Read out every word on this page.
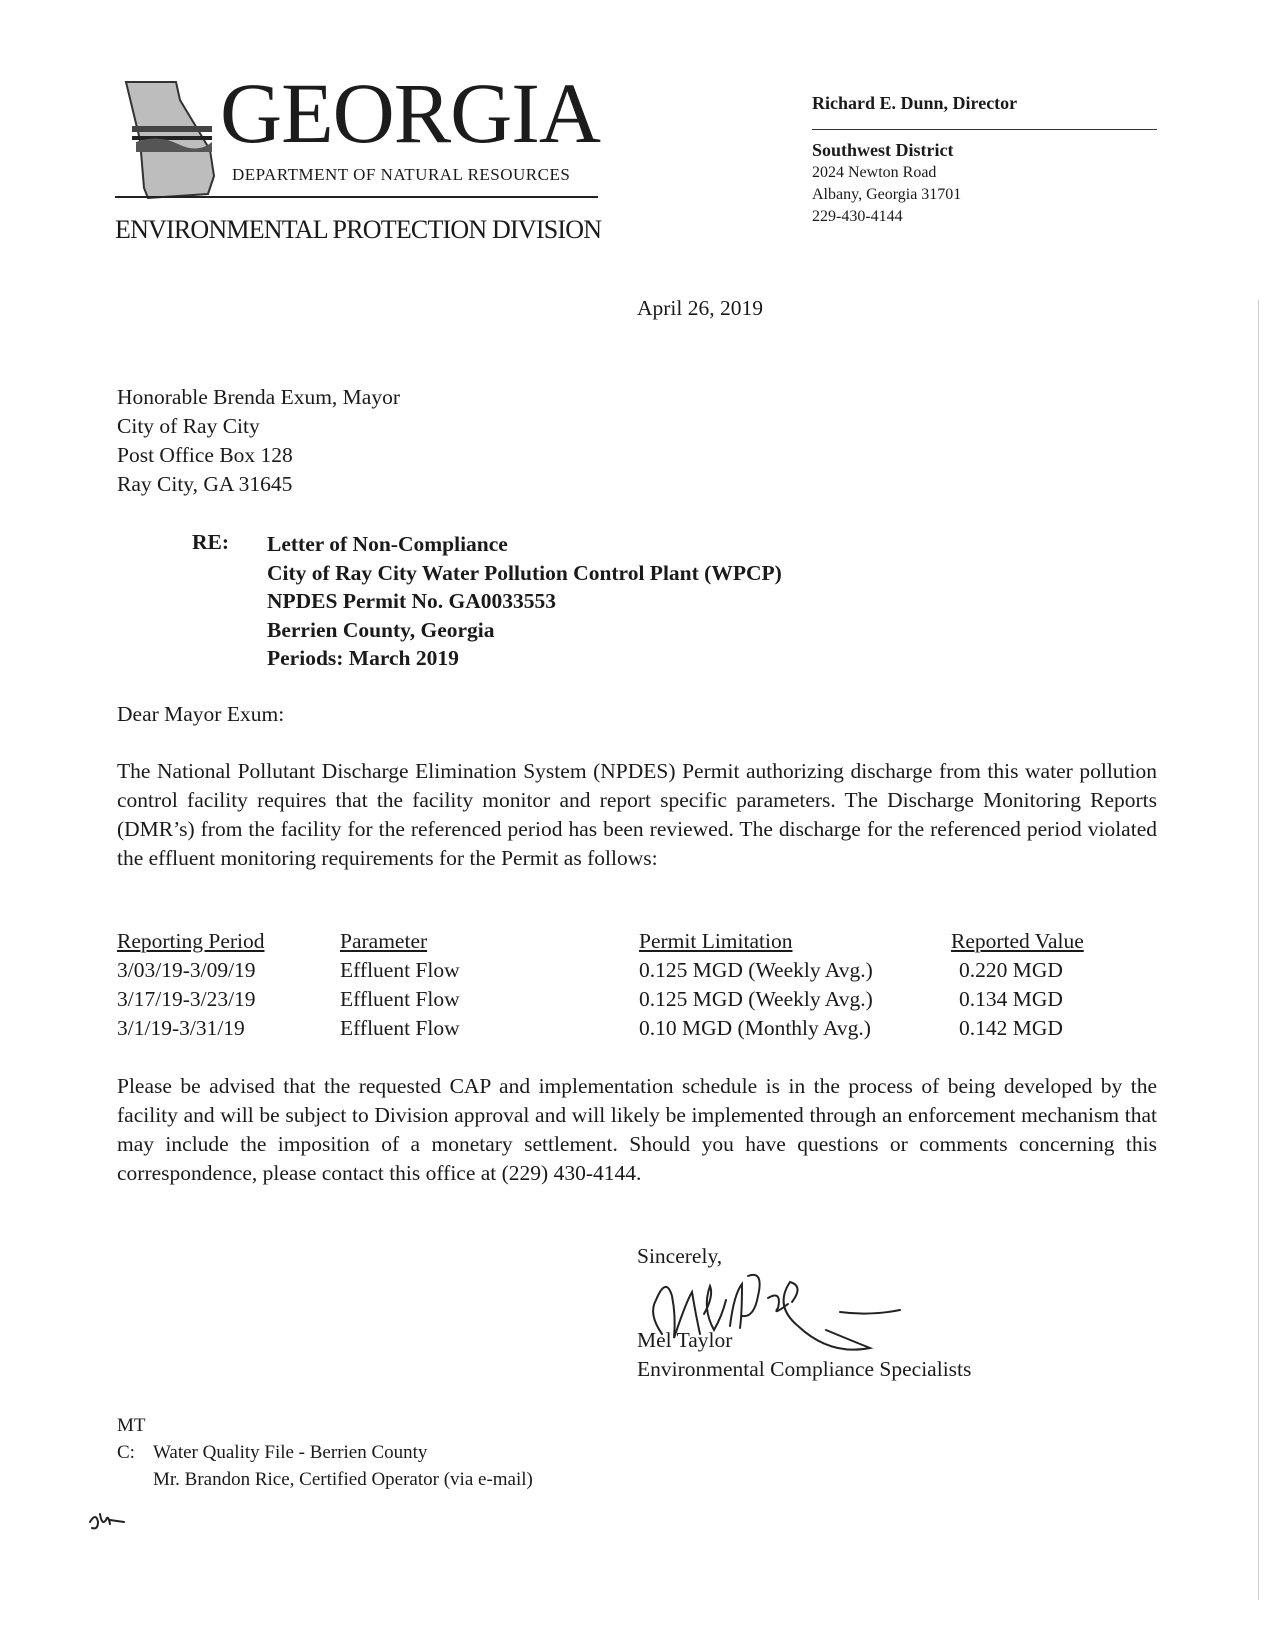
GEORGIA
DEPARTMENT OF NATURAL RESOURCES
ENVIRONMENTAL PROTECTION DIVISION
Richard E. Dunn, Director
Southwest District
2024 Newton Road
Albany, Georgia 31701
229-430-4144
April 26, 2019
Honorable Brenda Exum, Mayor
City of Ray City
Post Office Box 128
Ray City, GA 31645
RE: Letter of Non-Compliance
City of Ray City Water Pollution Control Plant (WPCP)
NPDES Permit No. GA0033553
Berrien County, Georgia
Periods: March 2019
Dear Mayor Exum:
The National Pollutant Discharge Elimination System (NPDES) Permit authorizing discharge from this water pollution control facility requires that the facility monitor and report specific parameters. The Discharge Monitoring Reports (DMR’s) from the facility for the referenced period has been reviewed. The discharge for the referenced period violated the effluent monitoring requirements for the Permit as follows:
Reporting Period	Parameter	Permit Limitation	Reported Value
3/03/19-3/09/19	Effluent Flow	0.125 MGD (Weekly Avg.)	0.220 MGD
3/17/19-3/23/19	Effluent Flow	0.125 MGD (Weekly Avg.)	0.134 MGD
3/1/19-3/31/19	Effluent Flow	0.10 MGD (Monthly Avg.)	0.142 MGD
Please be advised that the requested CAP and implementation schedule is in the process of being developed by the facility and will be subject to Division approval and will likely be implemented through an enforcement mechanism that may include the imposition of a monetary settlement. Should you have questions or comments concerning this correspondence, please contact this office at (229) 430-4144.
Sincerely,
Mel Taylor
Environmental Compliance Specialists
MT
C: Water Quality File - Berrien County
Mr. Brandon Rice, Certified Operator (via e-mail)
